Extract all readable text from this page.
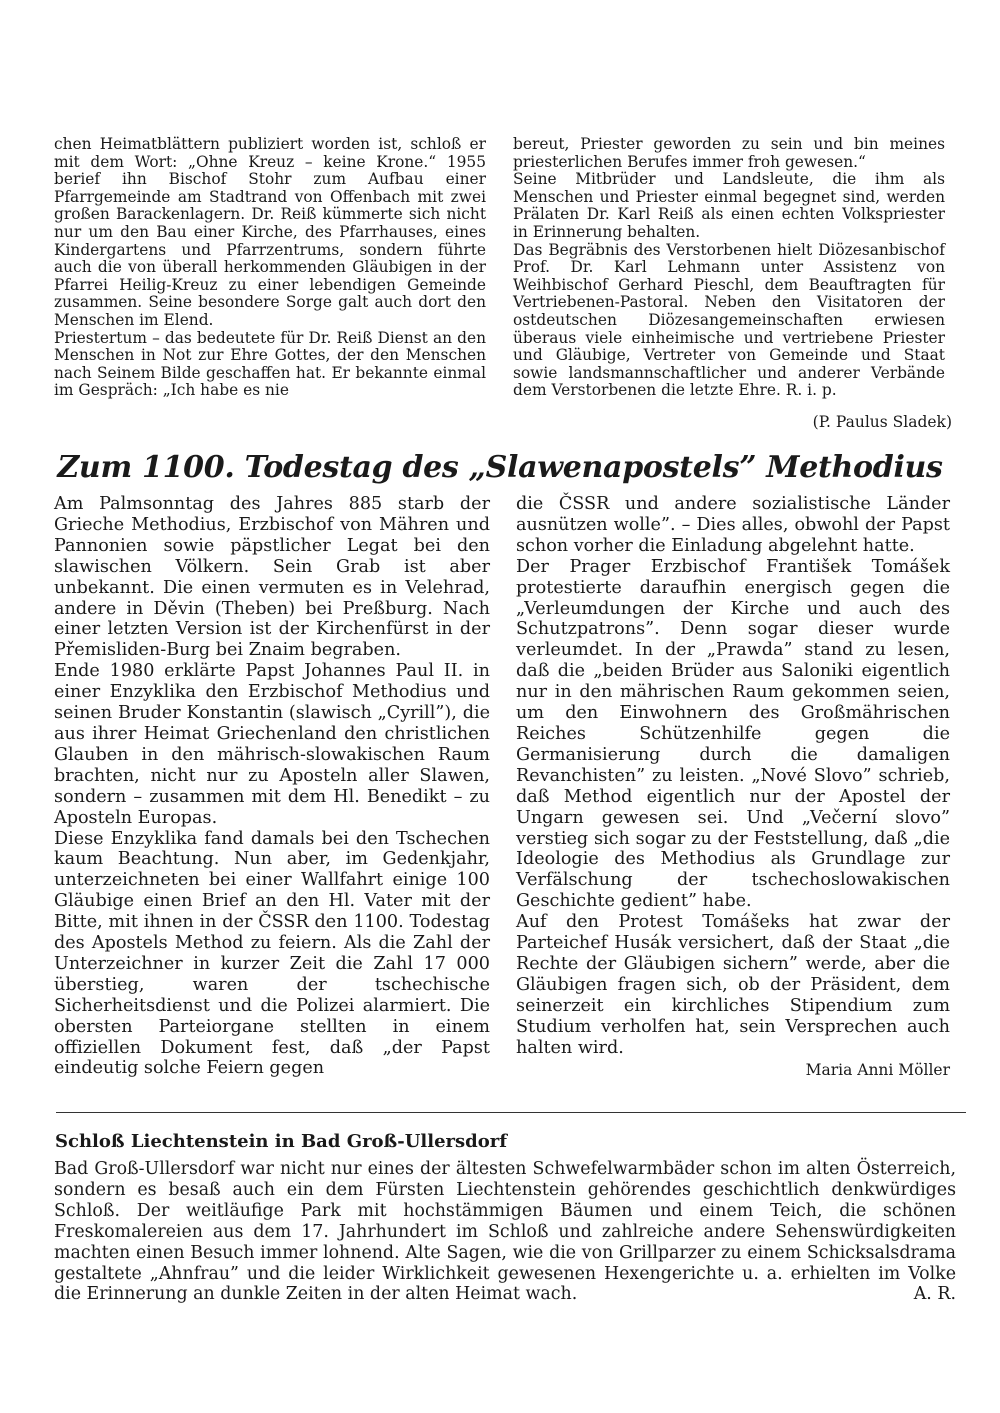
chen Heimatblättern publiziert worden ist, schloß er mit dem Wort: „Ohne Kreuz – keine Krone.“ 1955 berief ihn Bischof Stohr zum Aufbau einer Pfarrgemeinde am Stadtrand von Offenbach mit zwei großen Barackenlagern. Dr. Reiß kümmerte sich nicht nur um den Bau einer Kirche, des Pfarrhauses, eines Kindergartens und Pfarrzentrums, sondern führte auch die von überall herkommenden Gläubigen in der Pfarrei Heilig-Kreuz zu einer lebendigen Gemeinde zusammen. Seine besondere Sorge galt auch dort den Menschen im Elend.

Priestertum – das bedeutete für Dr. Reiß Dienst an den Menschen in Not zur Ehre Gottes, der den Menschen nach Seinem Bilde geschaffen hat. Er bekannte einmal im Gespräch: „Ich habe es nie

bereut, Priester geworden zu sein und bin meines priesterlichen Berufes immer froh gewesen.“

Seine Mitbrüder und Landsleute, die ihm als Menschen und Priester einmal begegnet sind, werden Prälaten Dr. Karl Reiß als einen echten Volkspriester in Erinnerung behalten.

Das Begräbnis des Verstorbenen hielt Diözesanbischof Prof. Dr. Karl Lehmann unter Assistenz von Weihbischof Gerhard Pieschl, dem Beauftragten für Vertriebenen-Pastoral. Neben den Visitatoren der ostdeutschen Diözesangemeinschaften erwiesen überaus viele einheimische und vertriebene Priester und Gläubige, Vertreter von Gemeinde und Staat sowie landsmannschaftlicher und anderer Verbände dem Verstorbenen die letzte Ehre. R. i. p.

(P. Paulus Sladek)
Zum 1100. Todestag des „Slawenapostels” Methodius

Am Palmsonntag des Jahres 885 starb der Grieche Methodius, Erzbischof von Mähren und Pannonien sowie päpstlicher Legat bei den slawischen Völkern. Sein Grab ist aber unbekannt. Die einen vermuten es in Velehrad, andere in Děvin (Theben) bei Preßburg. Nach einer letzten Version ist der Kirchenfürst in der Přemisliden-Burg bei Znaim begraben.

Ende 1980 erklärte Papst Johannes Paul II. in einer Enzyklika den Erzbischof Methodius und seinen Bruder Konstantin (slawisch „Cyrill”), die aus ihrer Heimat Griechenland den christlichen Glauben in den mährisch-slowakischen Raum brachten, nicht nur zu Aposteln aller Slawen, sondern – zusammen mit dem Hl. Benedikt – zu Aposteln Europas.

Diese Enzyklika fand damals bei den Tschechen kaum Beachtung. Nun aber, im Gedenkjahr, unterzeichneten bei einer Wallfahrt einige 100 Gläubige einen Brief an den Hl. Vater mit der Bitte, mit ihnen in der ČSSR den 1100. Todestag des Apostels Method zu feiern. Als die Zahl der Unterzeichner in kurzer Zeit die Zahl 17 000 überstieg, waren der tschechische Sicherheitsdienst und die Polizei alarmiert. Die obersten Parteiorgane stellten in einem offiziellen Dokument fest, daß „der Papst eindeutig solche Feiern gegen

die ČSSR und andere sozialistische Länder ausnützen wolle”. – Dies alles, obwohl der Papst schon vorher die Einladung abgelehnt hatte.

Der Prager Erzbischof František Tomášek protestierte daraufhin energisch gegen die „Verleumdungen der Kirche und auch des Schutzpatrons”. Denn sogar dieser wurde verleumdet. In der „Prawda” stand zu lesen, daß die „beiden Brüder aus Saloniki eigentlich nur in den mährischen Raum gekommen seien, um den Einwohnern des Großmährischen Reiches Schützenhilfe gegen die Germanisierung durch die damaligen Revanchisten” zu leisten. „Nové Slovo” schrieb, daß Method eigentlich nur der Apostel der Ungarn gewesen sei. Und „Večerní slovo” verstieg sich sogar zu der Feststellung, daß „die Ideologie des Methodius als Grundlage zur Verfälschung der tschechoslowakischen Geschichte gedient” habe.

Auf den Protest Tomášeks hat zwar der Parteichef Husák versichert, daß der Staat „die Rechte der Gläubigen sichern” werde, aber die Gläubigen fragen sich, ob der Präsident, dem seinerzeit ein kirchliches Stipendium zum Studium verholfen hat, sein Versprechen auch halten wird.

Maria Anni Möller
Schloß Liechtenstein in Bad Groß-Ullersdorf

Bad Groß-Ullersdorf war nicht nur eines der ältesten Schwefelwarmbäder schon im alten Österreich, sondern es besaß auch ein dem Fürsten Liechtenstein gehörendes geschichtlich denkwürdiges Schloß. Der weitläufige Park mit hochstämmigen Bäumen und einem Teich, die schönen Freskomalereien aus dem 17. Jahrhundert im Schloß und zahlreiche andere Sehenswürdigkeiten machten einen Besuch immer lohnend. Alte Sagen, wie die von Grillparzer zu einem Schicksalsdrama gestaltete „Ahnfrau” und die leider Wirklichkeit gewesenen Hexengerichte u. a. erhielten im Volke die Erinnerung an dunkle Zeiten in der alten Heimat wach.	A. R.
